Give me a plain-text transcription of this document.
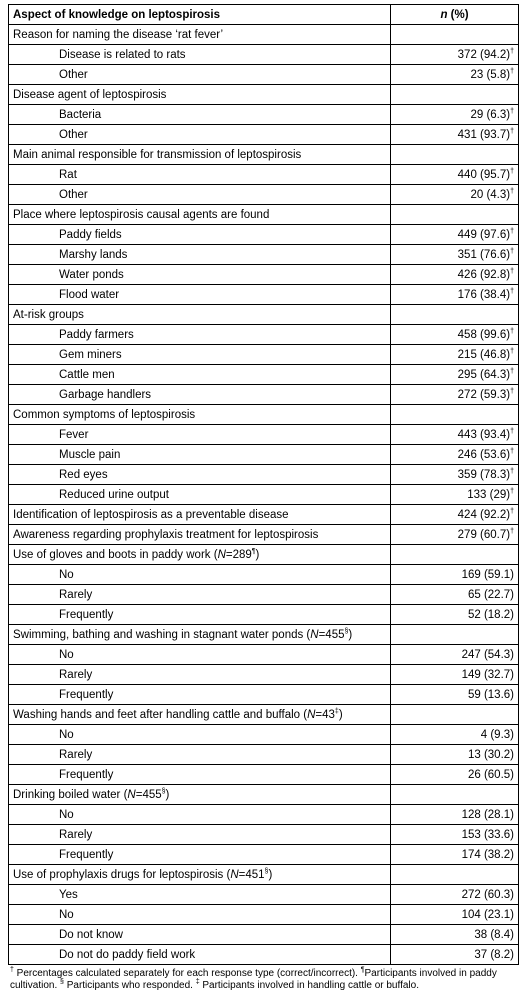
Aspect of knowledge on leptospirosis	n (%)
Reason for naming the disease ‘rat fever’	
Disease is related to rats	372 (94.2)†
Other	23 (5.8)†
Disease agent of leptospirosis	
Bacteria	29 (6.3)†
Other	431 (93.7)†
Main animal responsible for transmission of leptospirosis	
Rat	440 (95.7)†
Other	20 (4.3)†
Place where leptospirosis causal agents are found	
Paddy fields	449 (97.6)†
Marshy lands	351 (76.6)†
Water ponds	426 (92.8)†
Flood water	176 (38.4)†
At-risk groups	
Paddy farmers	458 (99.6)†
Gem miners	215 (46.8)†
Cattle men	295 (64.3)†
Garbage handlers	272 (59.3)†
Common symptoms of leptospirosis	
Fever	443 (93.4)†
Muscle pain	246 (53.6)†
Red eyes	359 (78.3)†
Reduced urine output	133 (29)†
Identification of leptospirosis as a preventable disease	424 (92.2)†
Awareness regarding prophylaxis treatment for leptospirosis	279 (60.7)†
Use of gloves and boots in paddy work (N=289¶)	
No	169 (59.1)
Rarely	65 (22.7)
Frequently	52 (18.2)
Swimming, bathing and washing in stagnant water ponds (N=455§)	
No	247 (54.3)
Rarely	149 (32.7)
Frequently	59 (13.6)
Washing hands and feet after handling cattle and buffalo (N=43‡)	
No	4 (9.3)
Rarely	13 (30.2)
Frequently	26 (60.5)
Drinking boiled water (N=455§)	
No	128 (28.1)
Rarely	153 (33.6)
Frequently	174 (38.2)
Use of prophylaxis drugs for leptospirosis (N=451§)	
Yes	272 (60.3)
No	104 (23.1)
Do not know	38 (8.4)
Do not do paddy field work	37 (8.2)
† Percentages calculated separately for each response type (correct/incorrect). ¶Participants involved in paddy cultivation. § Participants who responded. ‡ Participants involved in handling cattle or buffalo.
